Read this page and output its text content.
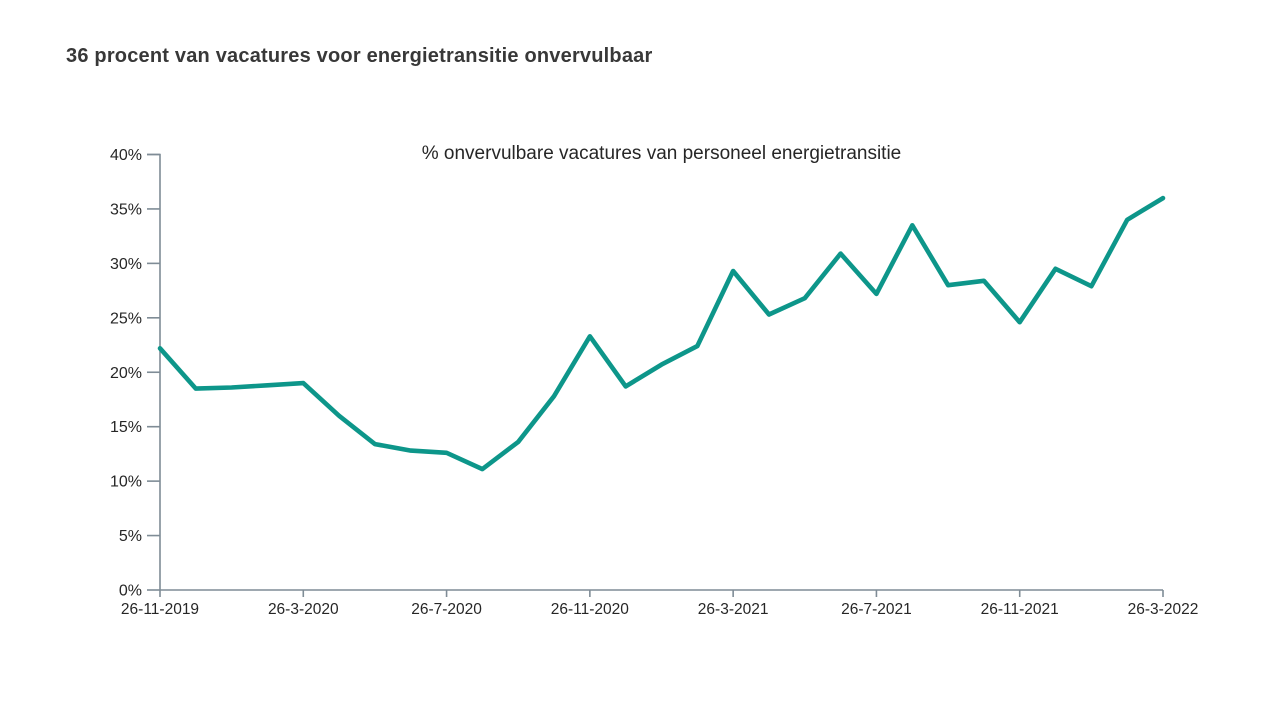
36 procent van vacatures voor energietransitie onvervulbaar
% onvervulbare vacatures van personeel energietransitie
0%
5%
10%
15%
20%
25%
30%
35%
40%
26-11-2019	26-3-2020	26-7-2020	26-11-2020	26-3-2021	26-7-2021	26-11-2021	26-3-2022
